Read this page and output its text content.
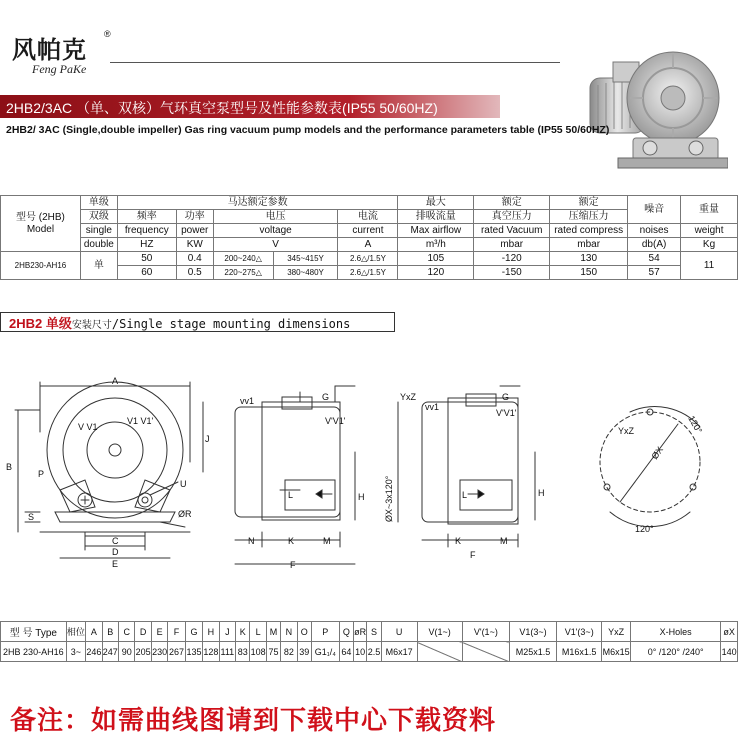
风帕克
®
Feng PaKe
2HB2/3AC （单、双核）气环真空泵型号及性能参数表(IP55 50/60HZ)
2HB2/ 3AC (Single,double impeller) Gas ring vacuum pump models and the performance parameters table (IP55 50/60HZ)
型号 (2HB)
Model	单级	马达额定参数					最大	额定	额定	噪音	重量
	双级	频率	功率	电压		电流	排吸流量	真空压力	压缩压力		
	single	frequency	power	voltage		current	Max airflow	rated Vacuum	rated compress	noises	weight
	double	HZ	KW	V		A	m³/h	mbar	mbar	db(A)	Kg
2HB230-AH16	单	50	0.4	200~240△	345~415Y	2.6△/1.5Y	105	-120	130	54	11
		60	0.5	220~275△	380~480Y	2.6△/1.5Y	120	-150	150	57	
2HB2 单级安装尺寸/Single stage mounting dimensions
A
B
C
D
E
J
P
U
S	ØR
V V1
V1 V1'
vv1
V'V1'
G
H
L
N	K	M
F
YxZ
vv1
V'V1'
G
H
L
K	M
F
ØX~3x120°
YxZ
ØX
120°
120°
型 号 Type	相位	A	B	C	D	E	F	G	H	J	K	L	M	N	O	P	Q	øR	S	U	V(1~)	V'(1~)	V1(3~)	V1'(3~)	YxZ	X-Holes	øX
2HB 230-AH16	3~	246	247	90	205	230	267	135	128	111	83	108	75	82	39	G1₁/₄	64	10	2.5	M6x17			M25x1.5	M16x1.5	M6x15	0° /120° /240°	140
备注：如需曲线图请到下载中心下载资料
